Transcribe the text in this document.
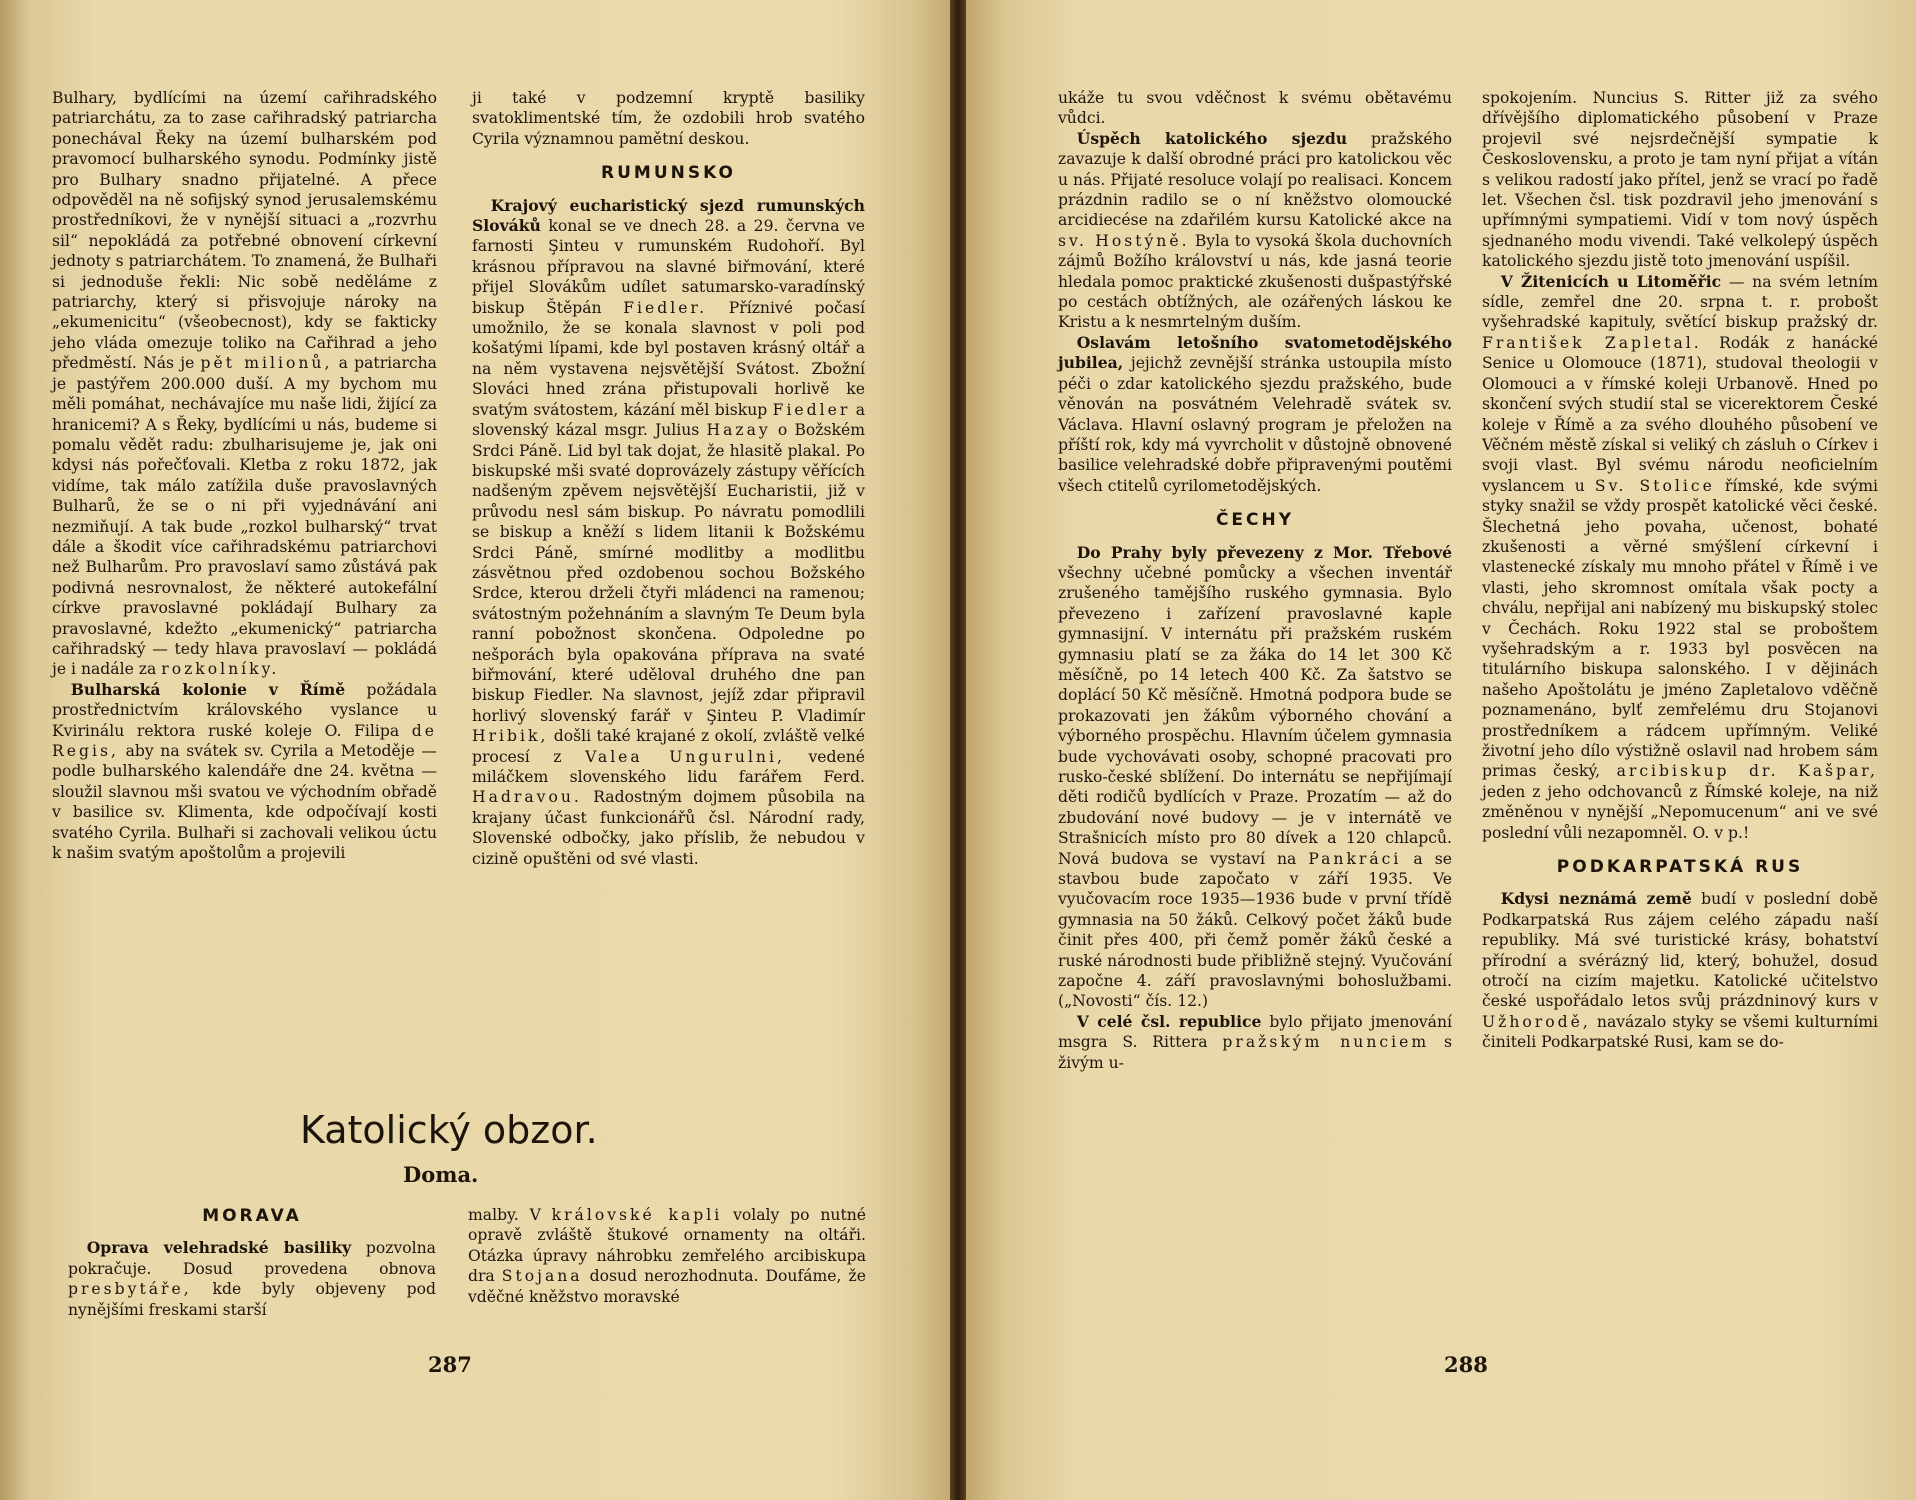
Bulhary, bydlícími na území cařihradského patriarchátu, za to zase cařihradský patriarcha ponechával Řeky na území bulharském pod pravomocí bulharského synodu. Podmínky jistě pro Bulhary snadno přijatelné. A přece odpověděl na ně sofijský synod jerusalemskému prostředníkovi, že v nynější situaci a „rozvrhu sil“ nepokládá za potřebné obnovení církevní jednoty s patriarchátem. To znamená, že Bulhaři si jednoduše řekli: Nic sobě neděláme z patriarchy, který si přisvojuje nároky na „ekumenicitu“ (všeobecnost), kdy se fakticky jeho vláda omezuje toliko na Cařihrad a jeho předměstí. Nás je pět milionů, a patriarcha je pastýřem 200.000 duší. A my bychom mu měli pomáhat, nechávajíce mu naše lidi, žijící za hranicemi? A s Řeky, bydlícími u nás, budeme si pomalu vědět radu: zbulharisujeme je, jak oni kdysi nás pořečťovali. Kletba z roku 1872, jak vidíme, tak málo zatížila duše pravoslavných Bulharů, že se o ni při vyjednávání ani nezmiňují. A tak bude „rozkol bulharský“ trvat dále a škodit více cařihradskému patriarchovi než Bulharům. Pro pravoslaví samo zůstává pak podivná nesrovnalost, že některé autokefální církve pravoslavné pokládají Bulhary za pravoslavné, kdežto „ekumenický“ patriarcha cařihradský — tedy hlava pravoslaví — pokládá je i nadále za rozkolníky.

Bulharská kolonie v Římě požádala prostřednictvím královského vyslance u Kvirinálu rektora ruské koleje O. Filipa de Regis, aby na svátek sv. Cyrila a Metoděje — podle bulharského kalendáře dne 24. května — sloužil slavnou mši svatou ve východním obřadě v basilice sv. Klimenta, kde odpočívají kosti svatého Cyrila. Bulhaři si zachovali velikou úctu k našim svatým apoštolům a projevili

ji také v podzemní kryptě basiliky svatoklimentské tím, že ozdobili hrob svatého Cyrila významnou pamětní deskou.

RUMUNSKO

Krajový eucharistický sjezd rumunských Slováků konal se ve dnech 28. a 29. června ve farnosti Şinteu v rumunském Rudohoří. Byl krásnou přípravou na slavné biřmování, které přijel Slovákům udílet satumarsko-varadínský biskup Štěpán Fiedler. Příznivé počasí umožnilo, že se konala slavnost v poli pod košatými lípami, kde byl postaven krásný oltář a na něm vystavena nejsvětější Svátost. Zbožní Slováci hned zrána přistupovali horlivě ke svatým svátostem, kázání měl biskup Fiedler a slovenský kázal msgr. Julius Hazay o Božském Srdci Páně. Lid byl tak dojat, že hlasitě plakal. Po biskupské mši svaté doprovázely zástupy věřících nadšeným zpěvem nejsvětější Eucharistii, již v průvodu nesl sám biskup. Po návratu pomodlili se biskup a kněží s lidem litanii k Božskému Srdci Páně, smírné modlitby a modlitbu zásvětnou před ozdobenou sochou Božského Srdce, kterou drželi čtyři mládenci na ramenou; svátostným požehnáním a slavným Te Deum byla ranní pobožnost skončena. Odpoledne po nešporách byla opakována příprava na svaté biřmování, které uděloval druhého dne pan biskup Fiedler. Na slavnost, jejíž zdar připravil horlivý slovenský farář v Şinteu P. Vladimír Hribik, došli také krajané z okolí, zvláště velké procesí z Valea Ungurulni, vedené miláčkem slovenského lidu farářem Ferd. Hadravou. Radostným dojmem působila na krajany účast funkcionářů čsl. Národní rady, Slovenské odbočky, jako příslib, že nebudou v cizině opuštěni od své vlasti.

Katolický obzor.
Doma.
MORAVA

Oprava velehradské basiliky pozvolna pokračuje. Dosud provedena obnova presbytáře, kde byly objeveny pod nynějšími freskami starší

malby. V královské kapli volaly po nutné opravě zvláště štukové ornamenty na oltáři. Otázka úpravy náhrobku zemřelého arcibiskupa dra Stojana dosud nerozhodnuta. Doufáme, že vděčné kněžstvo moravské

287

ukáže tu svou vděčnost k svému obětavému vůdci.

Úspěch katolického sjezdu pražského zavazuje k další obrodné práci pro katolickou věc u nás. Přijaté resoluce volají po realisaci. Koncem prázdnin radilo se o ní kněžstvo olomoucké arcidiecése na zdařilém kursu Katolické akce na sv. Hostýně. Byla to vysoká škola duchovních zájmů Božího království u nás, kde jasná teorie hledala pomoc praktické zkušenosti dušpastýřské po cestách obtížných, ale ozářených láskou ke Kristu a k nesmrtelným duším.

Oslavám letošního svatometodějského jubilea, jejichž zevnější stránka ustoupila místo péči o zdar katolického sjezdu pražského, bude věnován na posvátném Velehradě svátek sv. Václava. Hlavní oslavný program je přeložen na příští rok, kdy má vyvrcholit v důstojně obnovené basilice velehradské dobře připravenými poutěmi všech ctitelů cyrilometodějských.

ČECHY

Do Prahy byly převezeny z Mor. Třebové všechny učebné pomůcky a všechen inventář zrušeného tamějšího ruského gymnasia. Bylo převezeno i zařízení pravoslavné kaple gymnasijní. V internátu při pražském ruském gymnasiu platí se za žáka do 14 let 300 Kč měsíčně, po 14 letech 400 Kč. Za šatstvo se doplácí 50 Kč měsíčně. Hmotná podpora bude se prokazovati jen žákům výborného chování a výborného prospěchu. Hlavním účelem gymnasia bude vychovávati osoby, schopné pracovati pro rusko-české sblížení. Do internátu se nepřijímají děti rodičů bydlících v Praze. Prozatím — až do zbudování nové budovy — je v internátě ve Strašnicích místo pro 80 dívek a 120 chlapců. Nová budova se vystaví na Pankráci a se stavbou bude započato v září 1935. Ve vyučovacím roce 1935—1936 bude v první třídě gymnasia na 50 žáků. Celkový počet žáků bude činit přes 400, při čemž poměr žáků české a ruské národnosti bude přibližně stejný. Vyučování započne 4. září pravoslavnými bohoslužbami. („Novosti“ čís. 12.)

V celé čsl. republice bylo přijato jmenování msgra S. Rittera pražským nunciem s živým u-

spokojením. Nuncius S. Ritter již za svého dřívějšího diplomatického působení v Praze projevil své nejsrdečnější sympatie k Československu, a proto je tam nyní přijat a vítán s velikou radostí jako přítel, jenž se vrací po řadě let. Všechen čsl. tisk pozdravil jeho jmenování s upřímnými sympatiemi. Vidí v tom nový úspěch sjednaného modu vivendi. Také velkolepý úspěch katolického sjezdu jistě toto jmenování uspíšil.

V Žitenicích u Litoměřic — na svém letním sídle, zemřel dne 20. srpna t. r. probošt vyšehradské kapituly, světící biskup pražský dr. František Zapletal. Rodák z hanácké Senice u Olomouce (1871), studoval theologii v Olomouci a v římské koleji Urbanově. Hned po skončení svých studií stal se vicerektorem České koleje v Římě a za svého dlouhého působení ve Věčném městě získal si veliký ch zásluh o Církev i svoji vlast. Byl svému národu neoficielním vyslancem u Sv. Stolice římské, kde svými styky snažil se vždy prospět katolické věci české. Šlechetná jeho povaha, učenost, bohaté zkušenosti a věrné smýšlení církevní i vlastenecké získaly mu mnoho přátel v Římě i ve vlasti, jeho skromnost omítala však pocty a chválu, nepřijal ani nabízený mu biskupský stolec v Čechách. Roku 1922 stal se proboštem vyšehradským a r. 1933 byl posvěcen na titulárního biskupa salonského. I v dějinách našeho Apoštolátu je jméno Zapletalovo vděčně poznamenáno, bylť zemřelému dru Stojanovi prostředníkem a rádcem upřímným. Veliké životní jeho dílo výstižně oslavil nad hrobem sám primas český, arcibiskup dr. Kašpar, jeden z jeho odchovanců z Římské koleje, na niž změněnou v nynější „Nepomucenum“ ani ve své poslední vůli nezapomněl. O. v p.!

PODKARPATSKÁ RUS

Kdysi neznámá země budí v poslední době Podkarpatská Rus zájem celého západu naší republiky. Má své turistické krásy, bohatství přírodní a svérázný lid, který, bohužel, dosud otročí na cizím majetku. Katolické učitelstvo české uspořádalo letos svůj prázdninový kurs v Užhorodě, navázalo styky se všemi kulturními činiteli Podkarpatské Rusi, kam se do-

288
